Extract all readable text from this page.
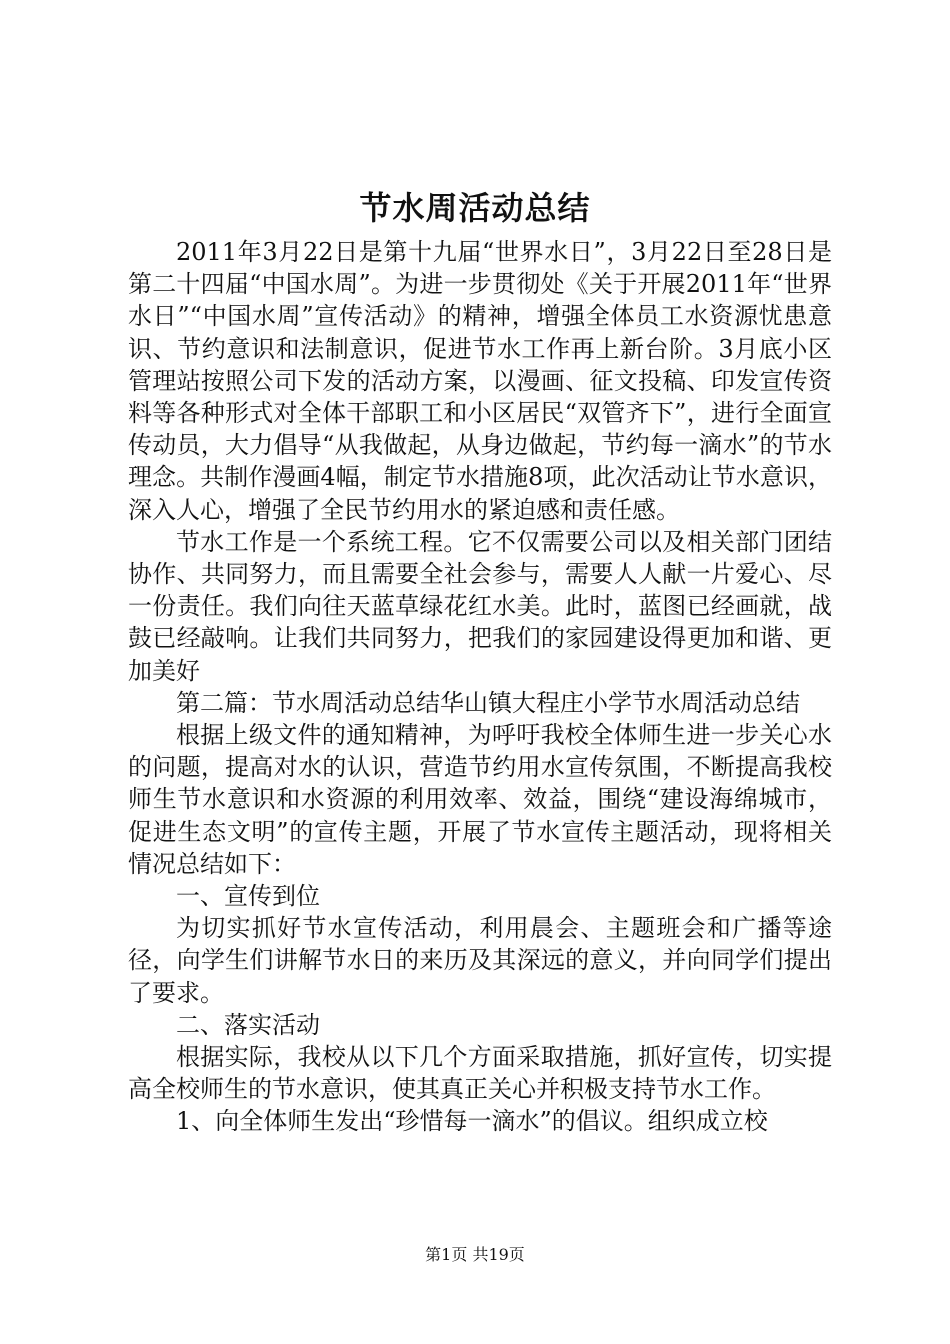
节水周活动总结

2011年3月22日是第十九届“世界水日”，3月22日至28日是第二十四届“中国水周”。为进一步贯彻处《关于开展2011年“世界水日”“中国水周”宣传活动》的精神，增强全体员工水资源忧患意识、节约意识和法制意识，促进节水工作再上新台阶。3月底小区管理站按照公司下发的活动方案，以漫画、征文投稿、印发宣传资料等各种形式对全体干部职工和小区居民“双管齐下”，进行全面宣传动员，大力倡导“从我做起，从身边做起，节约每一滴水”的节水理念。共制作漫画4幅，制定节水措施8项，此次活动让节水意识，深入人心，增强了全民节约用水的紧迫感和责任感。

节水工作是一个系统工程。它不仅需要公司以及相关部门团结协作、共同努力，而且需要全社会参与，需要人人献一片爱心、尽一份责任。我们向往天蓝草绿花红水美。此时，蓝图已经画就，战鼓已经敲响。让我们共同努力，把我们的家园建设得更加和谐、更加美好

第二篇：节水周活动总结华山镇大程庄小学节水周活动总结

根据上级文件的通知精神，为呼吁我校全体师生进一步关心水的问题，提高对水的认识，营造节约用水宣传氛围，不断提高我校师生节水意识和水资源的利用效率、效益，围绕“建设海绵城市，促进生态文明”的宣传主题，开展了节水宣传主题活动，现将相关情况总结如下：

一、宣传到位

为切实抓好节水宣传活动，利用晨会、主题班会和广播等途径，向学生们讲解节水日的来历及其深远的意义，并向同学们提出了要求。

二、落实活动

根据实际，我校从以下几个方面采取措施，抓好宣传，切实提高全校师生的节水意识，使其真正关心并积极支持节水工作。

1、向全体师生发出“珍惜每一滴水”的倡议。组织成立校

第1页 共19页
